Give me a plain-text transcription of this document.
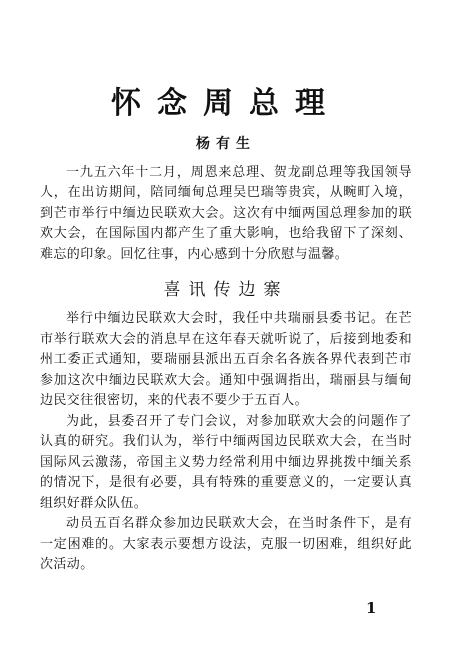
怀念周总理
杨有生

一九五六年十二月，周恩来总理、贺龙副总理等我国领导人，在出访期间，陪同缅甸总理吴巴瑞等贵宾，从畹町入境，到芒市举行中缅边民联欢大会。这次有中缅两国总理参加的联欢大会，在国际国内都产生了重大影响，也给我留下了深刻、难忘的印象。回忆往事，内心感到十分欣慰与温馨。

喜讯传边寨

举行中缅边民联欢大会时，我任中共瑞丽县委书记。在芒市举行联欢大会的消息早在这年春天就听说了，后接到地委和州工委正式通知，要瑞丽县派出五百余名各族各界代表到芒市参加这次中缅边民联欢大会。通知中强调指出，瑞丽县与缅甸边民交往很密切，来的代表不要少于五百人。

为此，县委召开了专门会议，对参加联欢大会的问题作了认真的研究。我们认为，举行中缅两国边民联欢大会，在当时国际风云激荡，帝国主义势力经常利用中缅边界挑拨中缅关系的情况下，是很有必要，具有特殊的重要意义的，一定要认真组织好群众队伍。

动员五百名群众参加边民联欢大会，在当时条件下，是有一定困难的。大家表示要想方设法，克服一切困难，组织好此次活动。

1
